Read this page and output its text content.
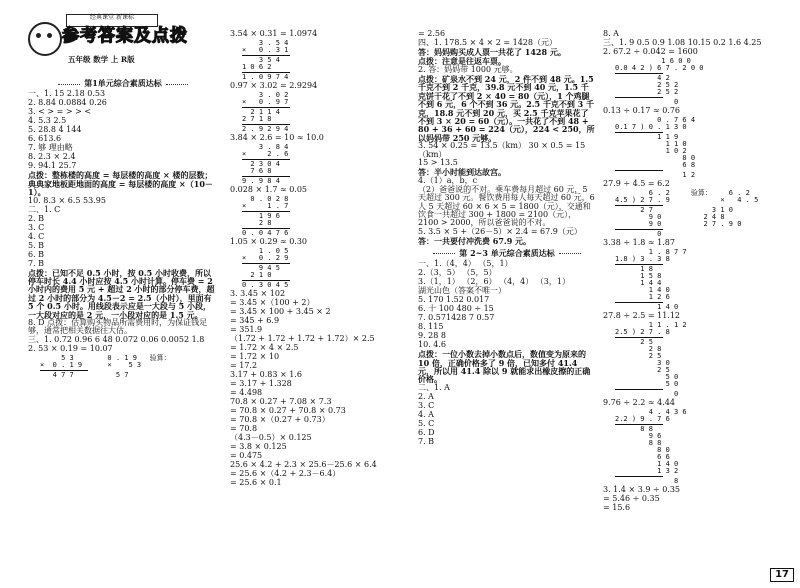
经典课堂 新课标
参考答案及点拨
五年级 数学 上 R版
第1单元综合素质达标
一、1. 15 2.18 0.53
2. 8.84 0.0884 0.26
3. < > = > > <
4. 5.3 2.5
5. 28.8 4 144
6. 613.6
7. 够 理由略
8. 2.3 × 2.4
9. 94.1 25.7
点拨：整栋楼的高度 = 每层楼的高度 × 楼的层数；典典家地板距地面的高度 = 每层楼的高度 ×（10－1）。
10. 8.3 × 6.5 53.95
二、1. C
2. B
3. C
4. C
5. B
6. B
7. B
点拨：已知不足 0.5 小时，按 0.5 小时收费，所以停车时长 4.4 小时应按 4.5 小时计算。停车费 = 2 小时内的费用 5 元 + 超过 2 小时的部分停车费，超过 2 小时的部分为 4.5－2 = 2.5（小时），里面有 5 个 0.5 小时。用线段表示应是一大段与 5 小段，一大段对应的是 2 元，一小段对应的是 1.5 元。
8. D 点拨：估算购买物品所需费用时，为保证钱足够，通常把相关数据往大估。
三、1. 0.72 0.96 6 48 0.072 0.06 0.0052 1.8
2. 53 × 0.19 = 10.07
5 3        0 . 1 9   验算：
×  0 . 1 9      ×    5 3
4 7 7          5 7
3.54 × 0.31 = 1.0974
3 . 5 4
×   0 . 3 1
3 5 4
1 0 6 2
1 . 0 9 7 4
0.97 × 3.02 = 2.9294
3 . 0 2
×   0 . 9 7
2 1 1 4
2 7 1 8
2 . 9 2 9 4
3.84 × 2.6 = 10 ≈ 10.0
3 . 8 4
×     2 . 6
2 3 0 4
7 6 8
9 . 9 8 4
0.028 × 1.7 ≈ 0.05
0 . 0 2 8
×     1 . 7
1 9 6
2 8
0 . 0 4 7 6
1.05 × 0.29 ≈ 0.30
1 . 0 5
×   0 . 2 9
9 4 5
2 1 0
0 . 3 0 4 5
3. 3.45 × 102
= 3.45 ×（100 + 2）
= 3.45 × 100 + 3.45 × 2
= 345 + 6.9
= 351.9
（1.72 + 1.72 + 1.72 + 1.72）× 2.5
= 1.72 × 4 × 2.5
= 1.72 × 10
= 17.2
3.17 + 0.83 × 1.6
= 3.17 + 1.328
= 4.498
70.8 × 0.27 + 7.08 × 7.3
= 70.8 × 0.27 + 70.8 × 0.73
= 70.8 ×（0.27 + 0.73）
= 70.8
（4.3－0.5）× 0.125
= 3.8 × 0.125
= 0.475
25.6 × 4.2 + 2.3 × 25.6－25.6 × 6.4
= 25.6 ×（4.2 + 2.3－6.4）
= 25.6 × 0.1
= 2.56
四、1. 178.5 × 4 × 2 = 1428（元）
答：妈妈购买成人票一共花了 1428 元。
点拨：注意是往返车票。
2. 答：妈妈带 1000 元够。
点拨：矿泉水不到 24 元，2 件不到 48 元。1.5 千克不到 2 千克，39.8 元不到 40 元，1.5 千克饼干花了不到 2 × 40 = 80（元），1 个鸡腿不到 6 元，6 个不到 36 元。2.5 千克不到 3 千克，18.8 元不到 20 元，买 2.5 千克苹果花了不到 3 × 20 = 60（元）。一共花了不到 48 + 80 + 36 + 60 = 224（元），224 < 250，所以妈妈带 250 元够。
3. 54 × 0.25 = 13.5（km） 30 × 0.5 = 15（km）
15 > 13.5
答：半小时能到达故宫。
4.（1）a，b，c
（2）爸爸说的不对。乘车费每月超过 60 元，5 天超过 300 元。餐饮费用每人每天超过 60 元，6 人 5 天超过 60 × 6 × 5 = 1800（元），交通和饮食一共超过 300 + 1800 = 2100（元），2100 > 2000，所以爸爸说的不对。
5. 3.5 × 5 +（26－5）× 2.4 = 67.9（元）
答：一共要付冲洗费 67.9 元。
第 2~3 单元综合素质达标
一、1.（4，4） （5，1）
2.（3，5） （5，5）
3.（1，1） （2，6） （4，4） （3，1）
湖光山色（答案不唯一）
5. 170 1.52 0.017
6. 十 100 480 ÷ 15
7. 0.571428 7 0.57
8. 115
9. 28 8
10. 4.6
点拨：一位小数去掉小数点后，数值变为原来的 10 倍，正确价格多了 9 倍，已知多付 41.4 元，所以用 41.4 除以 9 就能求出橡皮擦的正确价格。
二、1. A
2. A
3. C
4. A
5. C
6. D
7. B
8. A
三、1. 9 0.5 0.9 1.08 10.15 0.2 1.6 4.25
2. 67.2 ÷ 0.042 = 1600
1 6 0 0
0.0 4 2 ) 6 7 . 2 0 0
4 2
2 5 2
2 5 2
0
0.13 ÷ 0.17 ≈ 0.76
0 . 7 6 4
0.1 7 ) 0 . 1 3 0
1 1 9
1 1 0
1 0 2
8 0
6 8
1 2
27.9 ÷ 4.5 = 6.2
6 . 2     验算：    6 . 2
4.5 ) 2 7 . 9            ×   4 . 5
2 7              3 1 0
9 0          2 4 8
9 0          2 7 . 9 0
0
3.38 ÷ 1.8 ≈ 1.87
1 . 8 7 7
1.8 ) 3 . 3 8
1 8
1 5 8
1 4 4
1 4 0
1 2 6
1 4 0
27.8 ÷ 2.5 = 11.12
1 1 . 1 2
2.5 ) 2 7 . 8
2 5
2 8
2 5
3 0
2 5
5 0
5 0
0
9.76 ÷ 2.2 ≈ 4.44
4 . 4 3 6
2.2 ) 9 . 7 6
8 8
9 6
8 8
8 0
6 6
1 4 0
1 3 2
8
3. 1.4 × 3.9 ÷ 0.35
= 5.46 ÷ 0.35
= 15.6
17
